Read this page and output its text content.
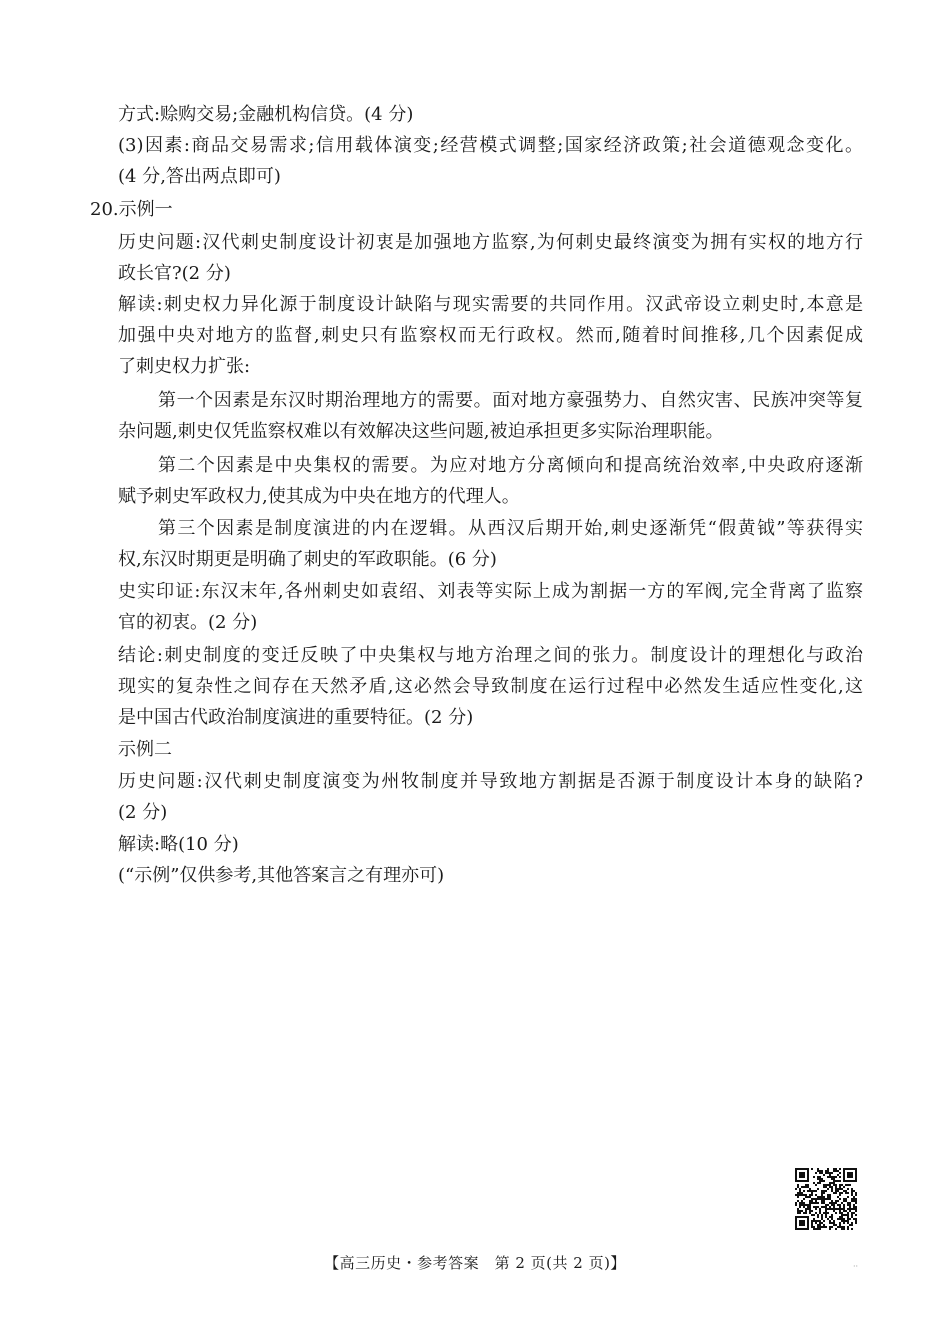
方式:赊购交易;金融机构信贷。(4 分)
(3)因素:商品交易需求;信用载体演变;经营模式调整;国家经济政策;社会道德观念变化。
(4 分,答出两点即可)
20.示例一
历史问题:汉代刺史制度设计初衷是加强地方监察,为何刺史最终演变为拥有实权的地方行
政长官?(2 分)
解读:刺史权力异化源于制度设计缺陷与现实需要的共同作用。汉武帝设立刺史时,本意是
加强中央对地方的监督,刺史只有监察权而无行政权。然而,随着时间推移,几个因素促成
了刺史权力扩张:
第一个因素是东汉时期治理地方的需要。面对地方豪强势力、自然灾害、民族冲突等复
杂问题,刺史仅凭监察权难以有效解决这些问题,被迫承担更多实际治理职能。
第二个因素是中央集权的需要。为应对地方分离倾向和提高统治效率,中央政府逐渐
赋予刺史军政权力,使其成为中央在地方的代理人。
第三个因素是制度演进的内在逻辑。从西汉后期开始,刺史逐渐凭“假黄钺”等获得实
权,东汉时期更是明确了刺史的军政职能。(6 分)
史实印证:东汉末年,各州刺史如袁绍、刘表等实际上成为割据一方的军阀,完全背离了监察
官的初衷。(2 分)
结论:刺史制度的变迁反映了中央集权与地方治理之间的张力。制度设计的理想化与政治
现实的复杂性之间存在天然矛盾,这必然会导致制度在运行过程中必然发生适应性变化,这
是中国古代政治制度演进的重要特征。(2 分)
示例二
历史问题:汉代刺史制度演变为州牧制度并导致地方割据是否源于制度设计本身的缺陷?
(2 分)
解读:略(10 分)
(“示例”仅供参考,其他答案言之有理亦可)
【高三历史・参考答案　第 2 页(共 2 页)】	··
